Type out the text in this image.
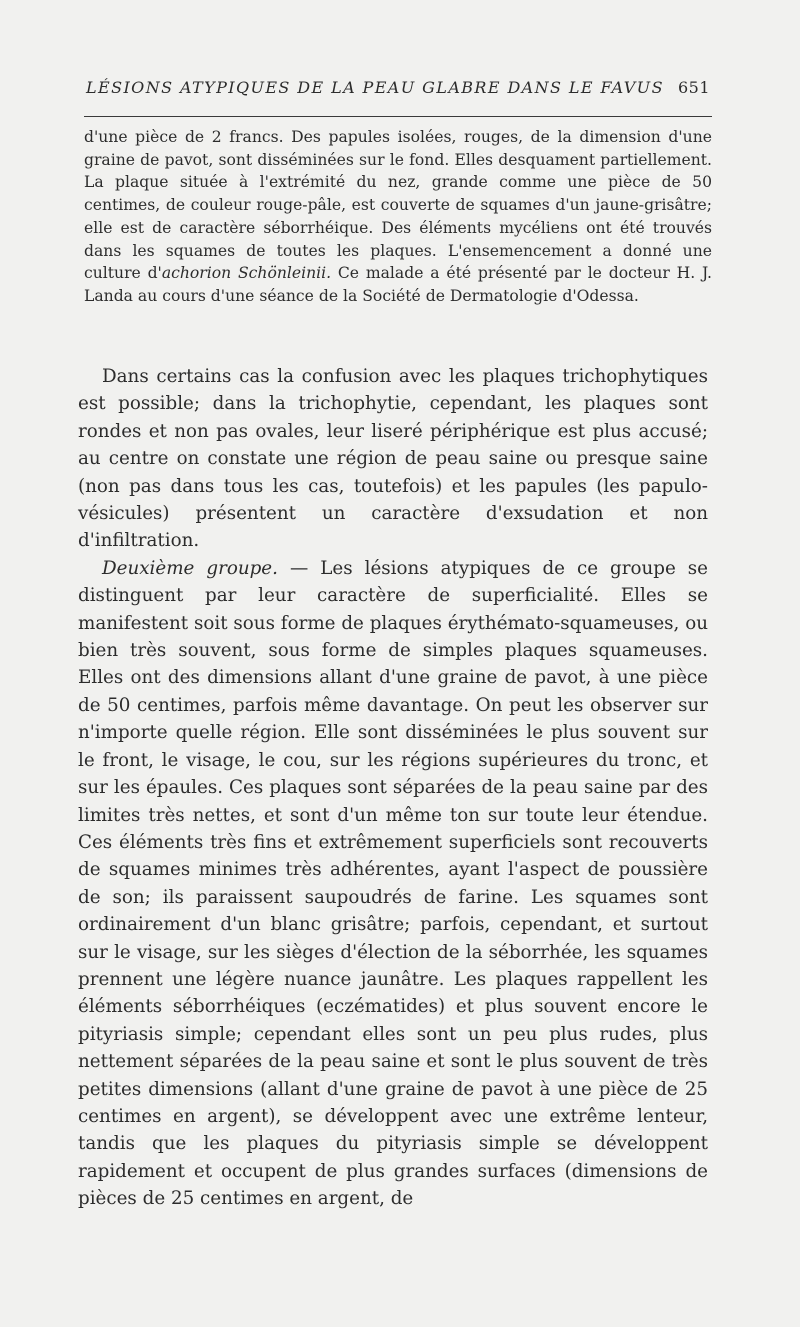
LÉSIONS ATYPIQUES DE LA PEAU GLABRE DANS LE FAVUS 651

d'une pièce de 2 francs. Des papules isolées, rouges, de la dimension d'une graine de pavot, sont disséminées sur le fond. Elles desquament partiellement. La plaque située à l'extrémité du nez, grande comme une pièce de 50 centimes, de couleur rouge-pâle, est couverte de squames d'un jaune-grisâtre; elle est de caractère séborrhéique. Des éléments mycéliens ont été trouvés dans les squames de toutes les plaques. L'ensemencement a donné une culture d'achorion Schönleinii. Ce malade a été présenté par le docteur H. J. Landa au cours d'une séance de la Société de Dermatologie d'Odessa.

Dans certains cas la confusion avec les plaques trichophytiques est possible; dans la trichophytie, cependant, les plaques sont rondes et non pas ovales, leur liseré périphérique est plus accusé; au centre on constate une région de peau saine ou presque saine (non pas dans tous les cas, toutefois) et les papules (les papulo-vésicules) présentent un caractère d'exsudation et non d'infiltration.

Deuxième groupe. — Les lésions atypiques de ce groupe se distinguent par leur caractère de superficialité. Elles se manifestent soit sous forme de plaques érythémato-squameuses, ou bien très souvent, sous forme de simples plaques squameuses. Elles ont des dimensions allant d'une graine de pavot, à une pièce de 50 centimes, parfois même davantage. On peut les observer sur n'importe quelle région. Elle sont disséminées le plus souvent sur le front, le visage, le cou, sur les régions supérieures du tronc, et sur les épaules. Ces plaques sont séparées de la peau saine par des limites très nettes, et sont d'un même ton sur toute leur étendue. Ces éléments très fins et extrêmement superficiels sont recouverts de squames minimes très adhérentes, ayant l'aspect de poussière de son; ils paraissent saupoudrés de farine. Les squames sont ordinairement d'un blanc grisâtre; parfois, cependant, et surtout sur le visage, sur les sièges d'élection de la séborrhée, les squames prennent une légère nuance jaunâtre. Les plaques rappellent les éléments séborrhéiques (eczématides) et plus souvent encore le pityriasis simple; cependant elles sont un peu plus rudes, plus nettement séparées de la peau saine et sont le plus souvent de très petites dimensions (allant d'une graine de pavot à une pièce de 25 centimes en argent), se développent avec une extrême lenteur, tandis que les plaques du pityriasis simple se développent rapidement et occupent de plus grandes surfaces (dimensions de pièces de 25 centimes en argent, de
